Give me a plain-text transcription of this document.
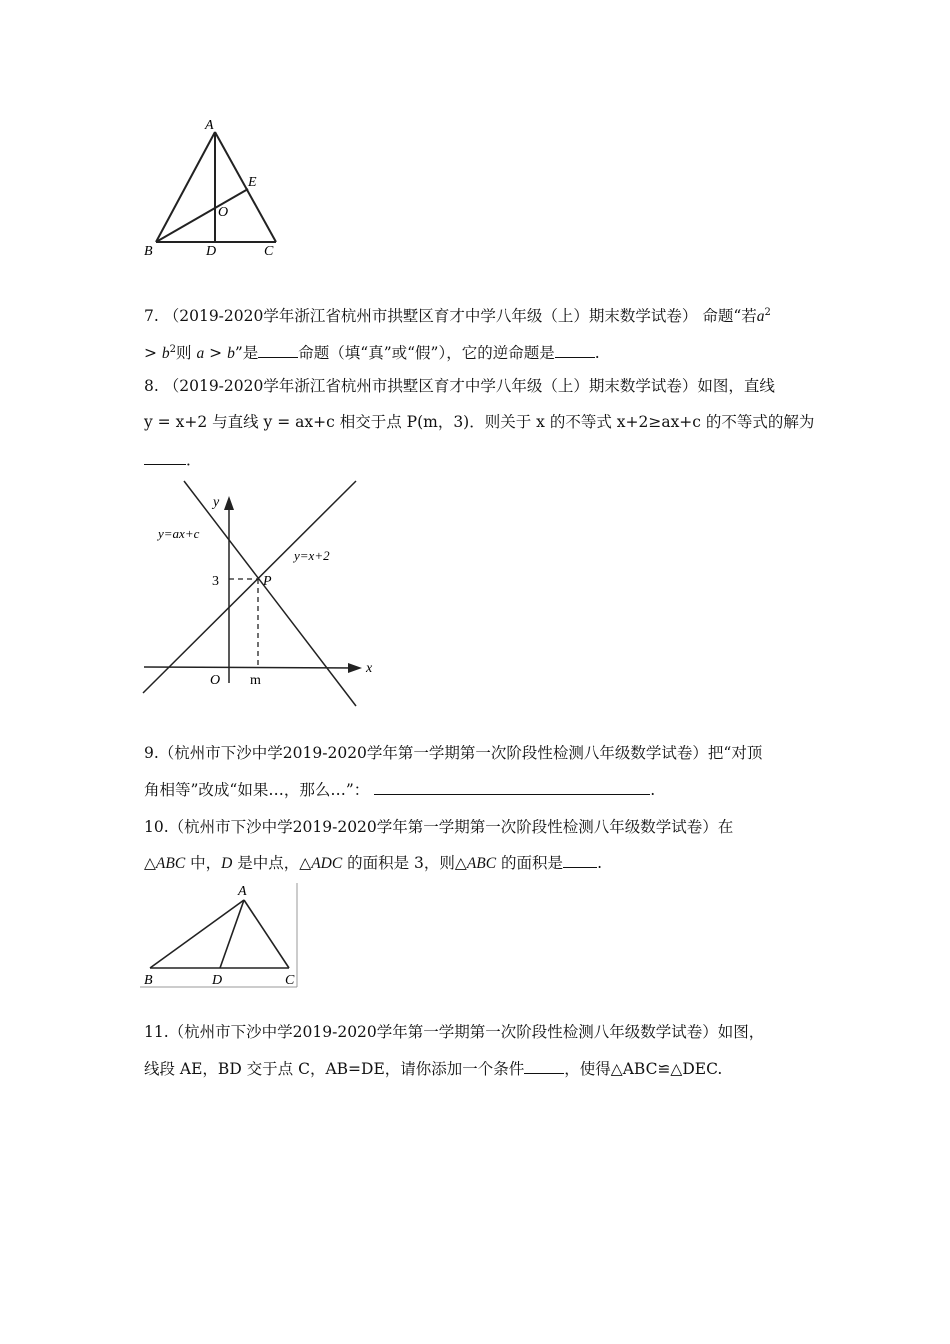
A
B	D	C
E
O
7. （2019-2020学年浙江省杭州市拱墅区育才中学八年级（上）期末数学试卷） 命题“若$a^2$
> $b^2$则 a > b”是	命题（填“真”或“假”），它的逆命题是	.
8. （2019-2020学年浙江省杭州市拱墅区育才中学八年级（上）期末数学试卷）如图，直线
y = x+2 与直线 y = ax+c 相交于点 P(m，3)．则关于 x 的不等式 x+2≥ax+c 的不等式的解为
．
y
x
O
P
3
m
y=ax+c
y=x+2
9.（杭州市下沙中学2019-2020学年第一学期第一次阶段性检测八年级数学试卷）把“对顶
角相等”改成“如果…，那么…”：	.
10.（杭州市下沙中学2019-2020学年第一学期第一次阶段性检测八年级数学试卷）在
△ABC 中，D 是中点，△ADC 的面积是 3，则△ABC 的面积是 .
A
B	D	C
11.（杭州市下沙中学2019-2020学年第一学期第一次阶段性检测八年级数学试卷）如图，
线段 AE，BD 交于点 C，AB=DE，请你添加一个条件	，使得△ABC≌△DEC.
